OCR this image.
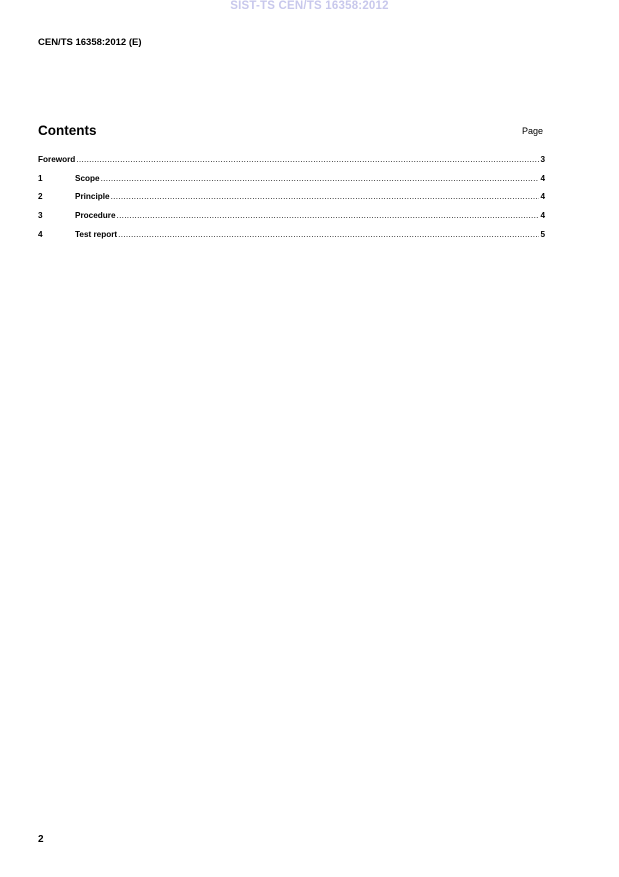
SIST-TS CEN/TS 16358:2012
CEN/TS 16358:2012 (E)
Contents	Page
Foreword .....	3
1	Scope .....	4
2	Principle .....	4
3	Procedure .....	4
4	Test report .....	5
2
